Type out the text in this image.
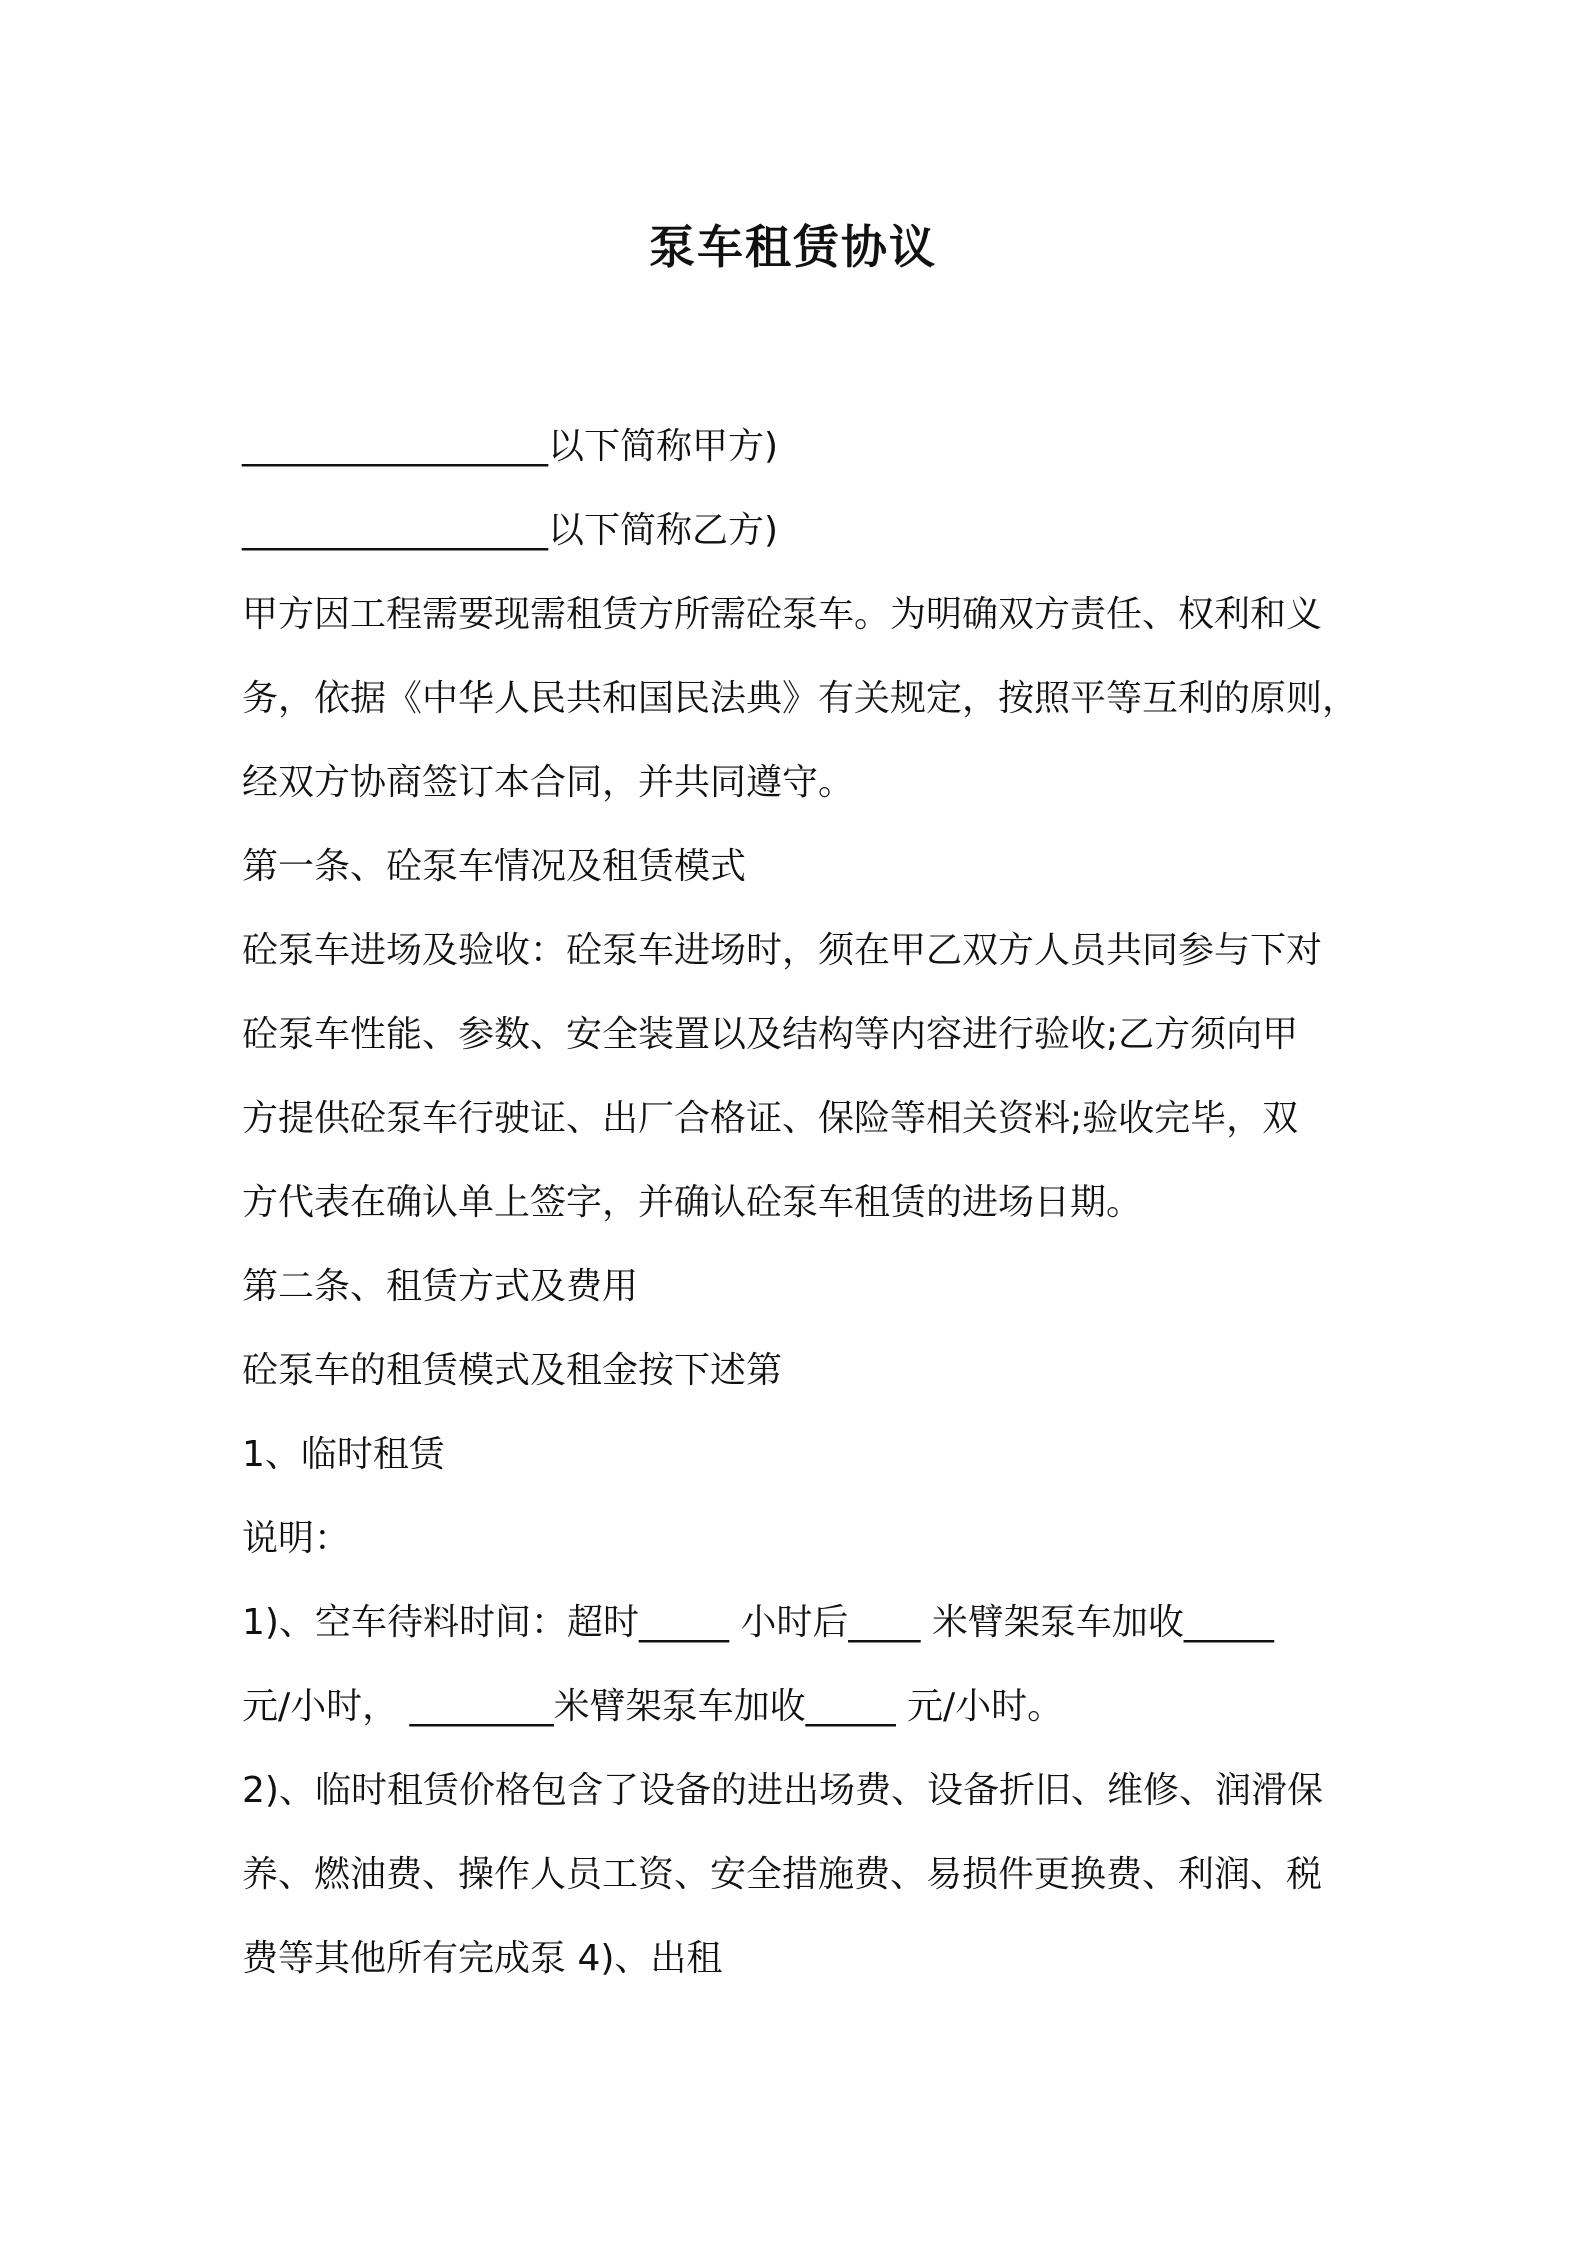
泵车租赁协议
_________________以下简称甲方)
_________________以下简称乙方)
甲方因工程需要现需租赁方所需砼泵车。为明确双方责任、权利和义
务，依据《中华人民共和国民法典》有关规定，按照平等互利的原则，
经双方协商签订本合同，并共同遵守。
第一条、砼泵车情况及租赁模式
砼泵车进场及验收：砼泵车进场时，须在甲乙双方人员共同参与下对
砼泵车性能、参数、安全装置以及结构等内容进行验收;乙方须向甲
方提供砼泵车行驶证、出厂合格证、保险等相关资料;验收完毕，双
方代表在确认单上签字，并确认砼泵车租赁的进场日期。
第二条、租赁方式及费用
砼泵车的租赁模式及租金按下述第
1、临时租赁
说明：
1)、空车待料时间：超时_____ 小时后____ 米臂架泵车加收_____
元/小时， ________米臂架泵车加收_____ 元/小时。
2)、临时租赁价格包含了设备的进出场费、设备折旧、维修、润滑保
养、燃油费、操作人员工资、安全措施费、易损件更换费、利润、税
费等其他所有完成泵 4)、出租
